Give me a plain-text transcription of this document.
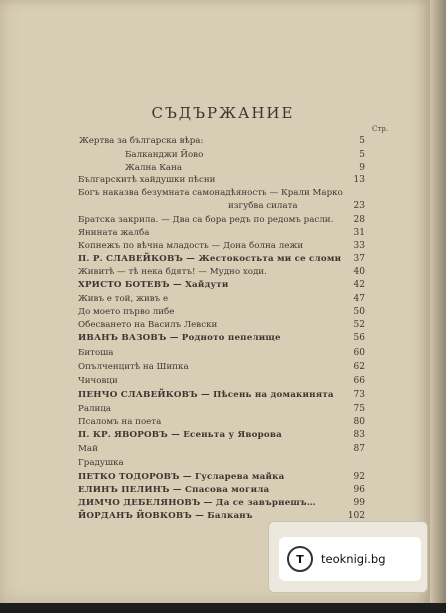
СЪДЪРЖАНИЕ
Стр.
Жертва за българска вѣра:	5
Балканджи Йово	5
Жална Кана	9
Българскитѣ хайдушки пѣсни	13
Богъ наказва безумната самонадѣяность — Крали Марко
изгубва силата	23
Братска закрила. — Два са бора редъ по редомъ расли.	28
Янината жалба	31
Копнежъ по вѣчна младость — Дона болна лежи	33
П. Р. СЛАВЕЙКОВЪ — Жестокостьта ми се сломи	37
Живитѣ — тѣ нека бдятъ! — Мудно ходи.	40
ХРИСТО БОТЕВЪ — Хайдути	42
Живъ е той, живъ е	47
До моето първо либе	50
Обесването на Василъ Левски	52
ИВАНЪ ВАЗОВЪ — Родното пепелище	56
Битоша	60
Опълченцитѣ на Шипка	62
Чичовци	66
ПЕНЧО СЛАВЕЙКОВЪ — Пѣсень на домакинята	73
Ралица	75
Псаломъ на поета	80
П. КР. ЯВОРОВЪ — Есеньта у Яворова	83
Май	87
Градушка
ПЕТКО ТОДОРОВЪ — Гусларева майка	92
ЕЛИНЪ ПЕЛИНЪ — Спасова могила	96
ДИМЧО ДЕБЕЛЯНОВЪ — Да се завърнешъ…	99
ЙОРДАНЪ ЙОВКОВЪ — Балканъ	102
T	teoknigi.bg
